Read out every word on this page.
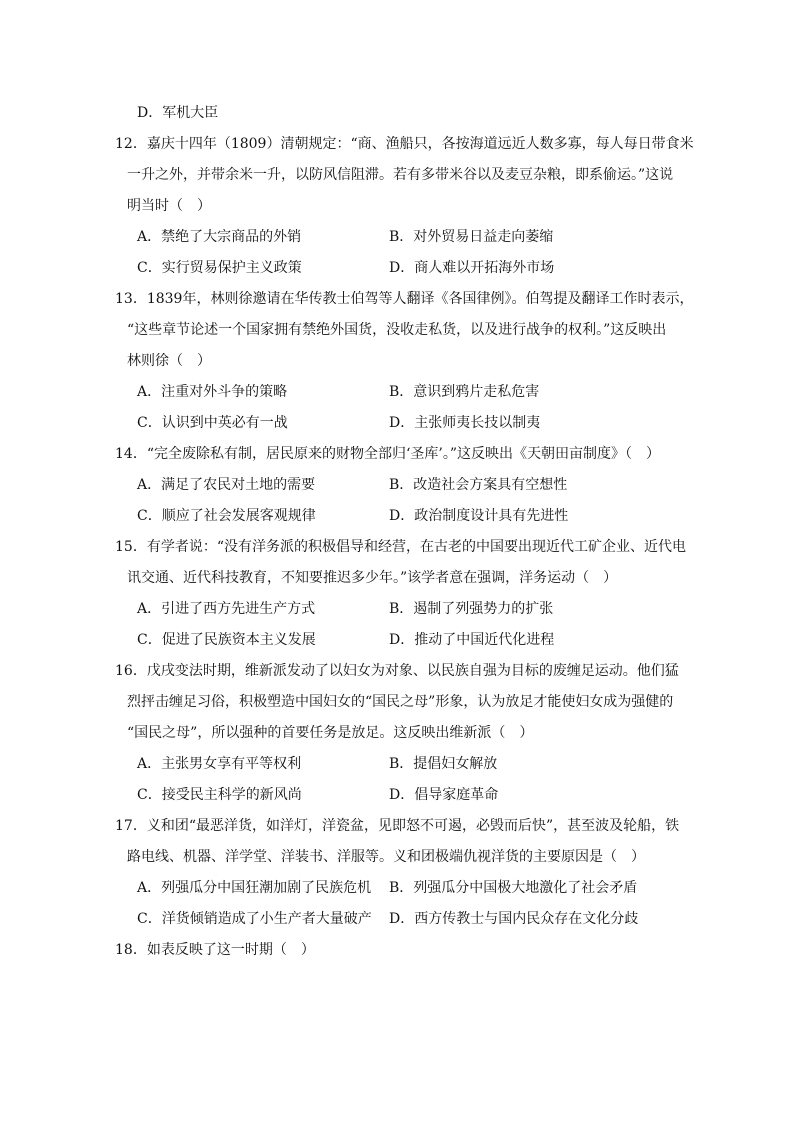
D．军机大臣
12．嘉庆十四年（1809）清朝规定：“商、渔船只，各按海道远近人数多寡，每人每日带食米
一升之外，并带余米一升，以防风信阻滞。若有多带米谷以及麦豆杂粮，即系偷运。”这说
明当时（　）
A．禁绝了大宗商品的外销	B．对外贸易日益走向萎缩
C．实行贸易保护主义政策	D．商人难以开拓海外市场
13．1839年，林则徐邀请在华传教士伯驾等人翻译《各国律例》。伯驾提及翻译工作时表示，
“这些章节论述一个国家拥有禁绝外国货，没收走私货，以及进行战争的权利。”这反映出
林则徐（　）
A．注重对外斗争的策略	B．意识到鸦片走私危害
C．认识到中英必有一战	D．主张师夷长技以制夷
14．“完全废除私有制，居民原来的财物全部归‘圣库’。”这反映出《天朝田亩制度》（　）
A．满足了农民对土地的需要	B．改造社会方案具有空想性
C．顺应了社会发展客观规律	D．政治制度设计具有先进性
15．有学者说：“没有洋务派的积极倡导和经营，在古老的中国要出现近代工矿企业、近代电
讯交通、近代科技教育，不知要推迟多少年。”该学者意在强调，洋务运动（　）
A．引进了西方先进生产方式	B．遏制了列强势力的扩张
C．促进了民族资本主义发展	D．推动了中国近代化进程
16．戊戌变法时期，维新派发动了以妇女为对象、以民族自强为目标的废缠足运动。他们猛
烈抨击缠足习俗，积极塑造中国妇女的“国民之母”形象，认为放足才能使妇女成为强健的
“国民之母”，所以强种的首要任务是放足。这反映出维新派（　）
A．主张男女享有平等权利	B．提倡妇女解放
C．接受民主科学的新风尚	D．倡导家庭革命
17．义和团“最恶洋货，如洋灯，洋瓷盆，见即怒不可遏，必毁而后快”，甚至波及轮船，铁
路电线、机器、洋学堂、洋装书、洋服等。义和团极端仇视洋货的主要原因是（　）
A．列强瓜分中国狂潮加剧了民族危机 B．列强瓜分中国极大地激化了社会矛盾
C．洋货倾销造成了小生产者大量破产 D．西方传教士与国内民众存在文化分歧
18．如表反映了这一时期（　）
